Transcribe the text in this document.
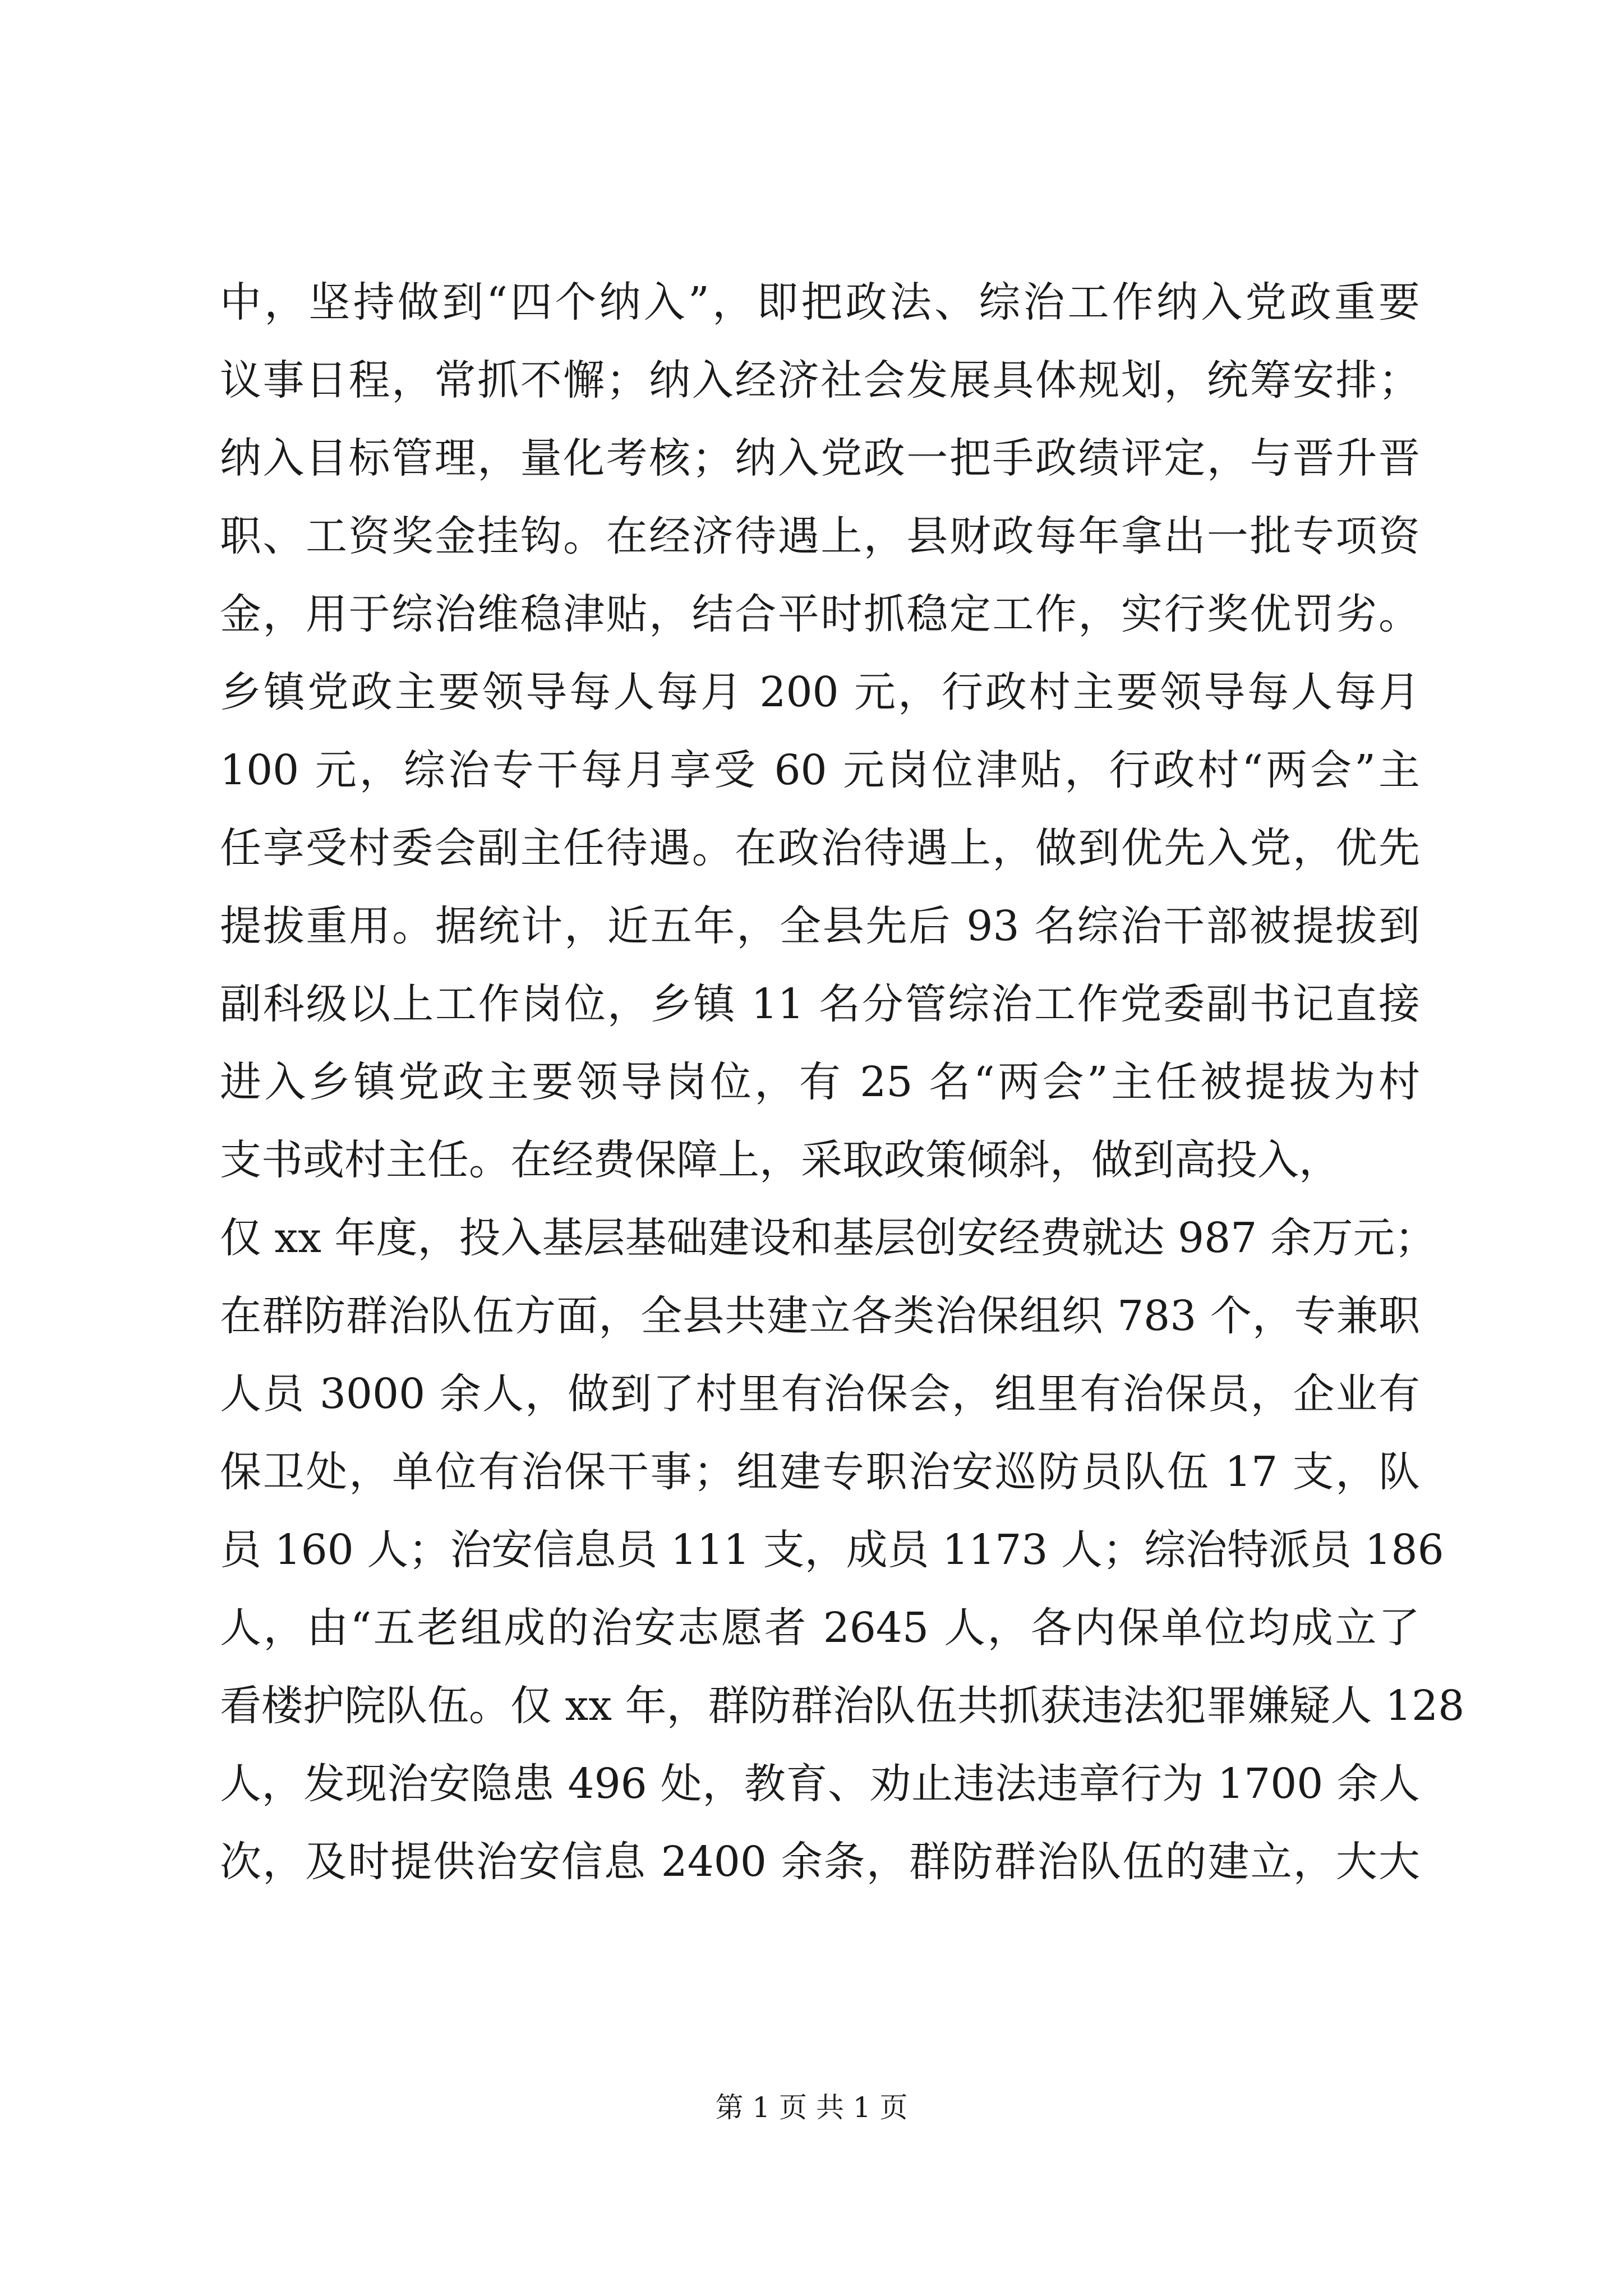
中，坚持做到“四个纳入”，即把政法、综治工作纳入党政重要
议事日程，常抓不懈；纳入经济社会发展具体规划，统筹安排；
纳入目标管理，量化考核；纳入党政一把手政绩评定，与晋升晋
职、工资奖金挂钩。在经济待遇上，县财政每年拿出一批专项资
金，用于综治维稳津贴，结合平时抓稳定工作，实行奖优罚劣。
乡镇党政主要领导每人每月 200 元，行政村主要领导每人每月
100 元，综治专干每月享受 60 元岗位津贴，行政村“两会”主
任享受村委会副主任待遇。在政治待遇上，做到优先入党，优先
提拔重用。据统计，近五年，全县先后 93 名综治干部被提拔到
副科级以上工作岗位，乡镇 11 名分管综治工作党委副书记直接
进入乡镇党政主要领导岗位，有 25 名“两会”主任被提拔为村
支书或村主任。在经费保障上，采取政策倾斜，做到高投入，
仅 xx 年度，投入基层基础建设和基层创安经费就达 987 余万元；
在群防群治队伍方面，全县共建立各类治保组织 783 个，专兼职
人员 3000 余人，做到了村里有治保会，组里有治保员，企业有
保卫处，单位有治保干事；组建专职治安巡防员队伍 17 支，队
员 160 人；治安信息员 111 支，成员 1173 人；综治特派员 186
人，由“五老组成的治安志愿者 2645 人，各内保单位均成立了
看楼护院队伍。仅 xx 年，群防群治队伍共抓获违法犯罪嫌疑人 128
人，发现治安隐患 496 处，教育、劝止违法违章行为 1700 余人
次，及时提供治安信息 2400 余条，群防群治队伍的建立，大大
第 1 页 共 1 页
